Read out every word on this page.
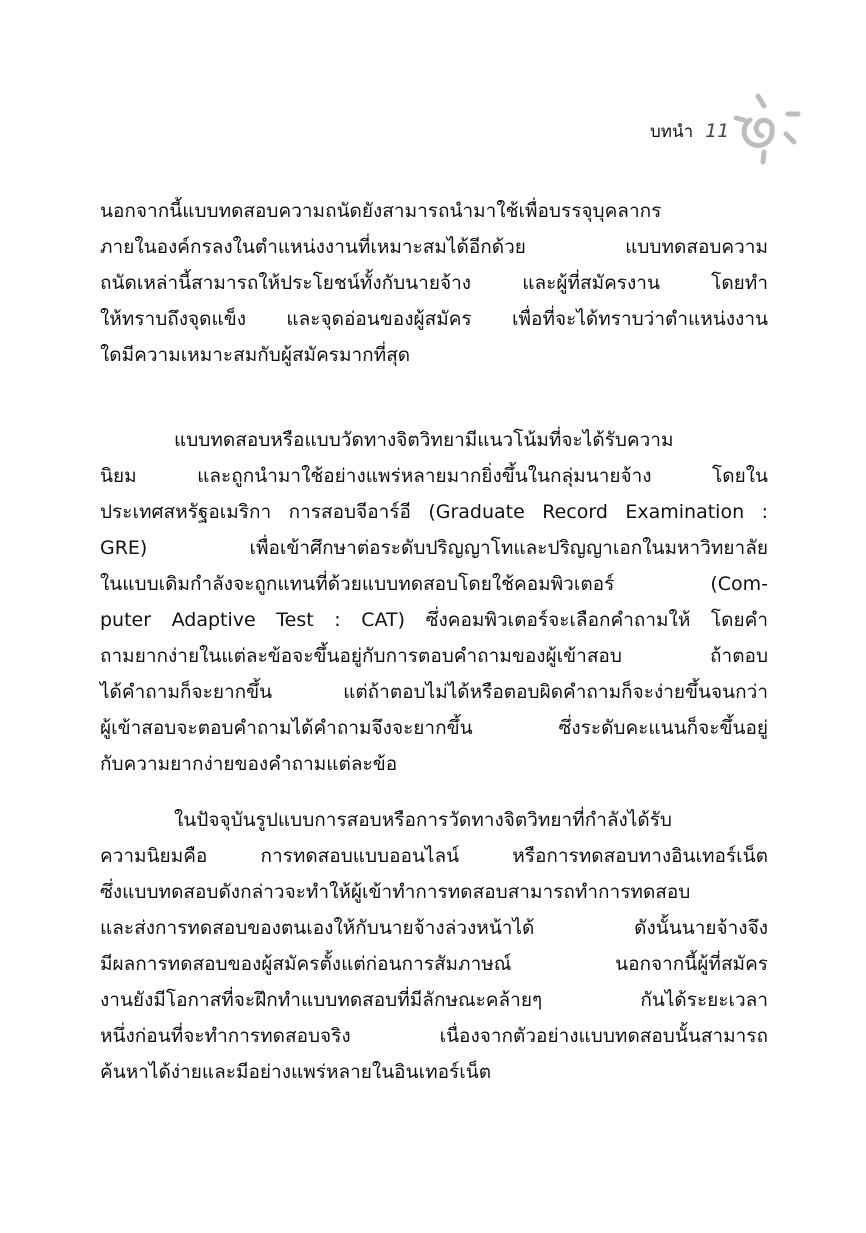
บทนำ 11
นอกจากนี้แบบทดสอบความถนัดยังสามารถนำมาใช้เพื่อบรรจุบุคลากร
ภายในองค์กรลงในตำแหน่งงานที่เหมาะสมได้อีกด้วย แบบทดสอบความ
ถนัดเหล่านี้สามารถให้ประโยชน์ทั้งกับนายจ้าง และผู้ที่สมัครงาน โดยทำ
ให้ทราบถึงจุดแข็ง และจุดอ่อนของผู้สมัคร เพื่อที่จะได้ทราบว่าตำแหน่งงาน
ใดมีความเหมาะสมกับผู้สมัครมากที่สุด
แบบทดสอบหรือแบบวัดทางจิตวิทยามีแนวโน้มที่จะได้รับความ
นิยม และถูกนำมาใช้อย่างแพร่หลายมากยิ่งขึ้นในกลุ่มนายจ้าง โดยใน
ประเทศสหรัฐอเมริกา การสอบจีอาร์อี (Graduate Record Examination :
GRE) เพื่อเข้าศึกษาต่อระดับปริญญาโทและปริญญาเอกในมหาวิทยาลัย
ในแบบเดิมกำลังจะถูกแทนที่ด้วยแบบทดสอบโดยใช้คอมพิวเตอร์ (Com-
puter Adaptive Test : CAT) ซึ่งคอมพิวเตอร์จะเลือกคำถามให้ โดยคำ
ถามยากง่ายในแต่ละข้อจะขึ้นอยู่กับการตอบคำถามของผู้เข้าสอบ ถ้าตอบ
ได้คำถามก็จะยากขึ้น แต่ถ้าตอบไม่ได้หรือตอบผิดคำถามก็จะง่ายขึ้นจนกว่า
ผู้เข้าสอบจะตอบคำถามได้คำถามจึงจะยากขึ้น ซึ่งระดับคะแนนก็จะขึ้นอยู่
กับความยากง่ายของคำถามแต่ละข้อ
ในปัจจุบันรูปแบบการสอบหรือการวัดทางจิตวิทยาที่กำลังได้รับ
ความนิยมคือ การทดสอบแบบออนไลน์ หรือการทดสอบทางอินเทอร์เน็ต
ซึ่งแบบทดสอบดังกล่าวจะทำให้ผู้เข้าทำการทดสอบสามารถทำการทดสอบ
และส่งการทดสอบของตนเองให้กับนายจ้างล่วงหน้าได้ ดังนั้นนายจ้างจึง
มีผลการทดสอบของผู้สมัครตั้งแต่ก่อนการสัมภาษณ์ นอกจากนี้ผู้ที่สมัคร
งานยังมีโอกาสที่จะฝึกทำแบบทดสอบที่มีลักษณะคล้ายๆ กันได้ระยะเวลา
หนึ่งก่อนที่จะทำการทดสอบจริง เนื่องจากตัวอย่างแบบทดสอบนั้นสามารถ
ค้นหาได้ง่ายและมีอย่างแพร่หลายในอินเทอร์เน็ต
